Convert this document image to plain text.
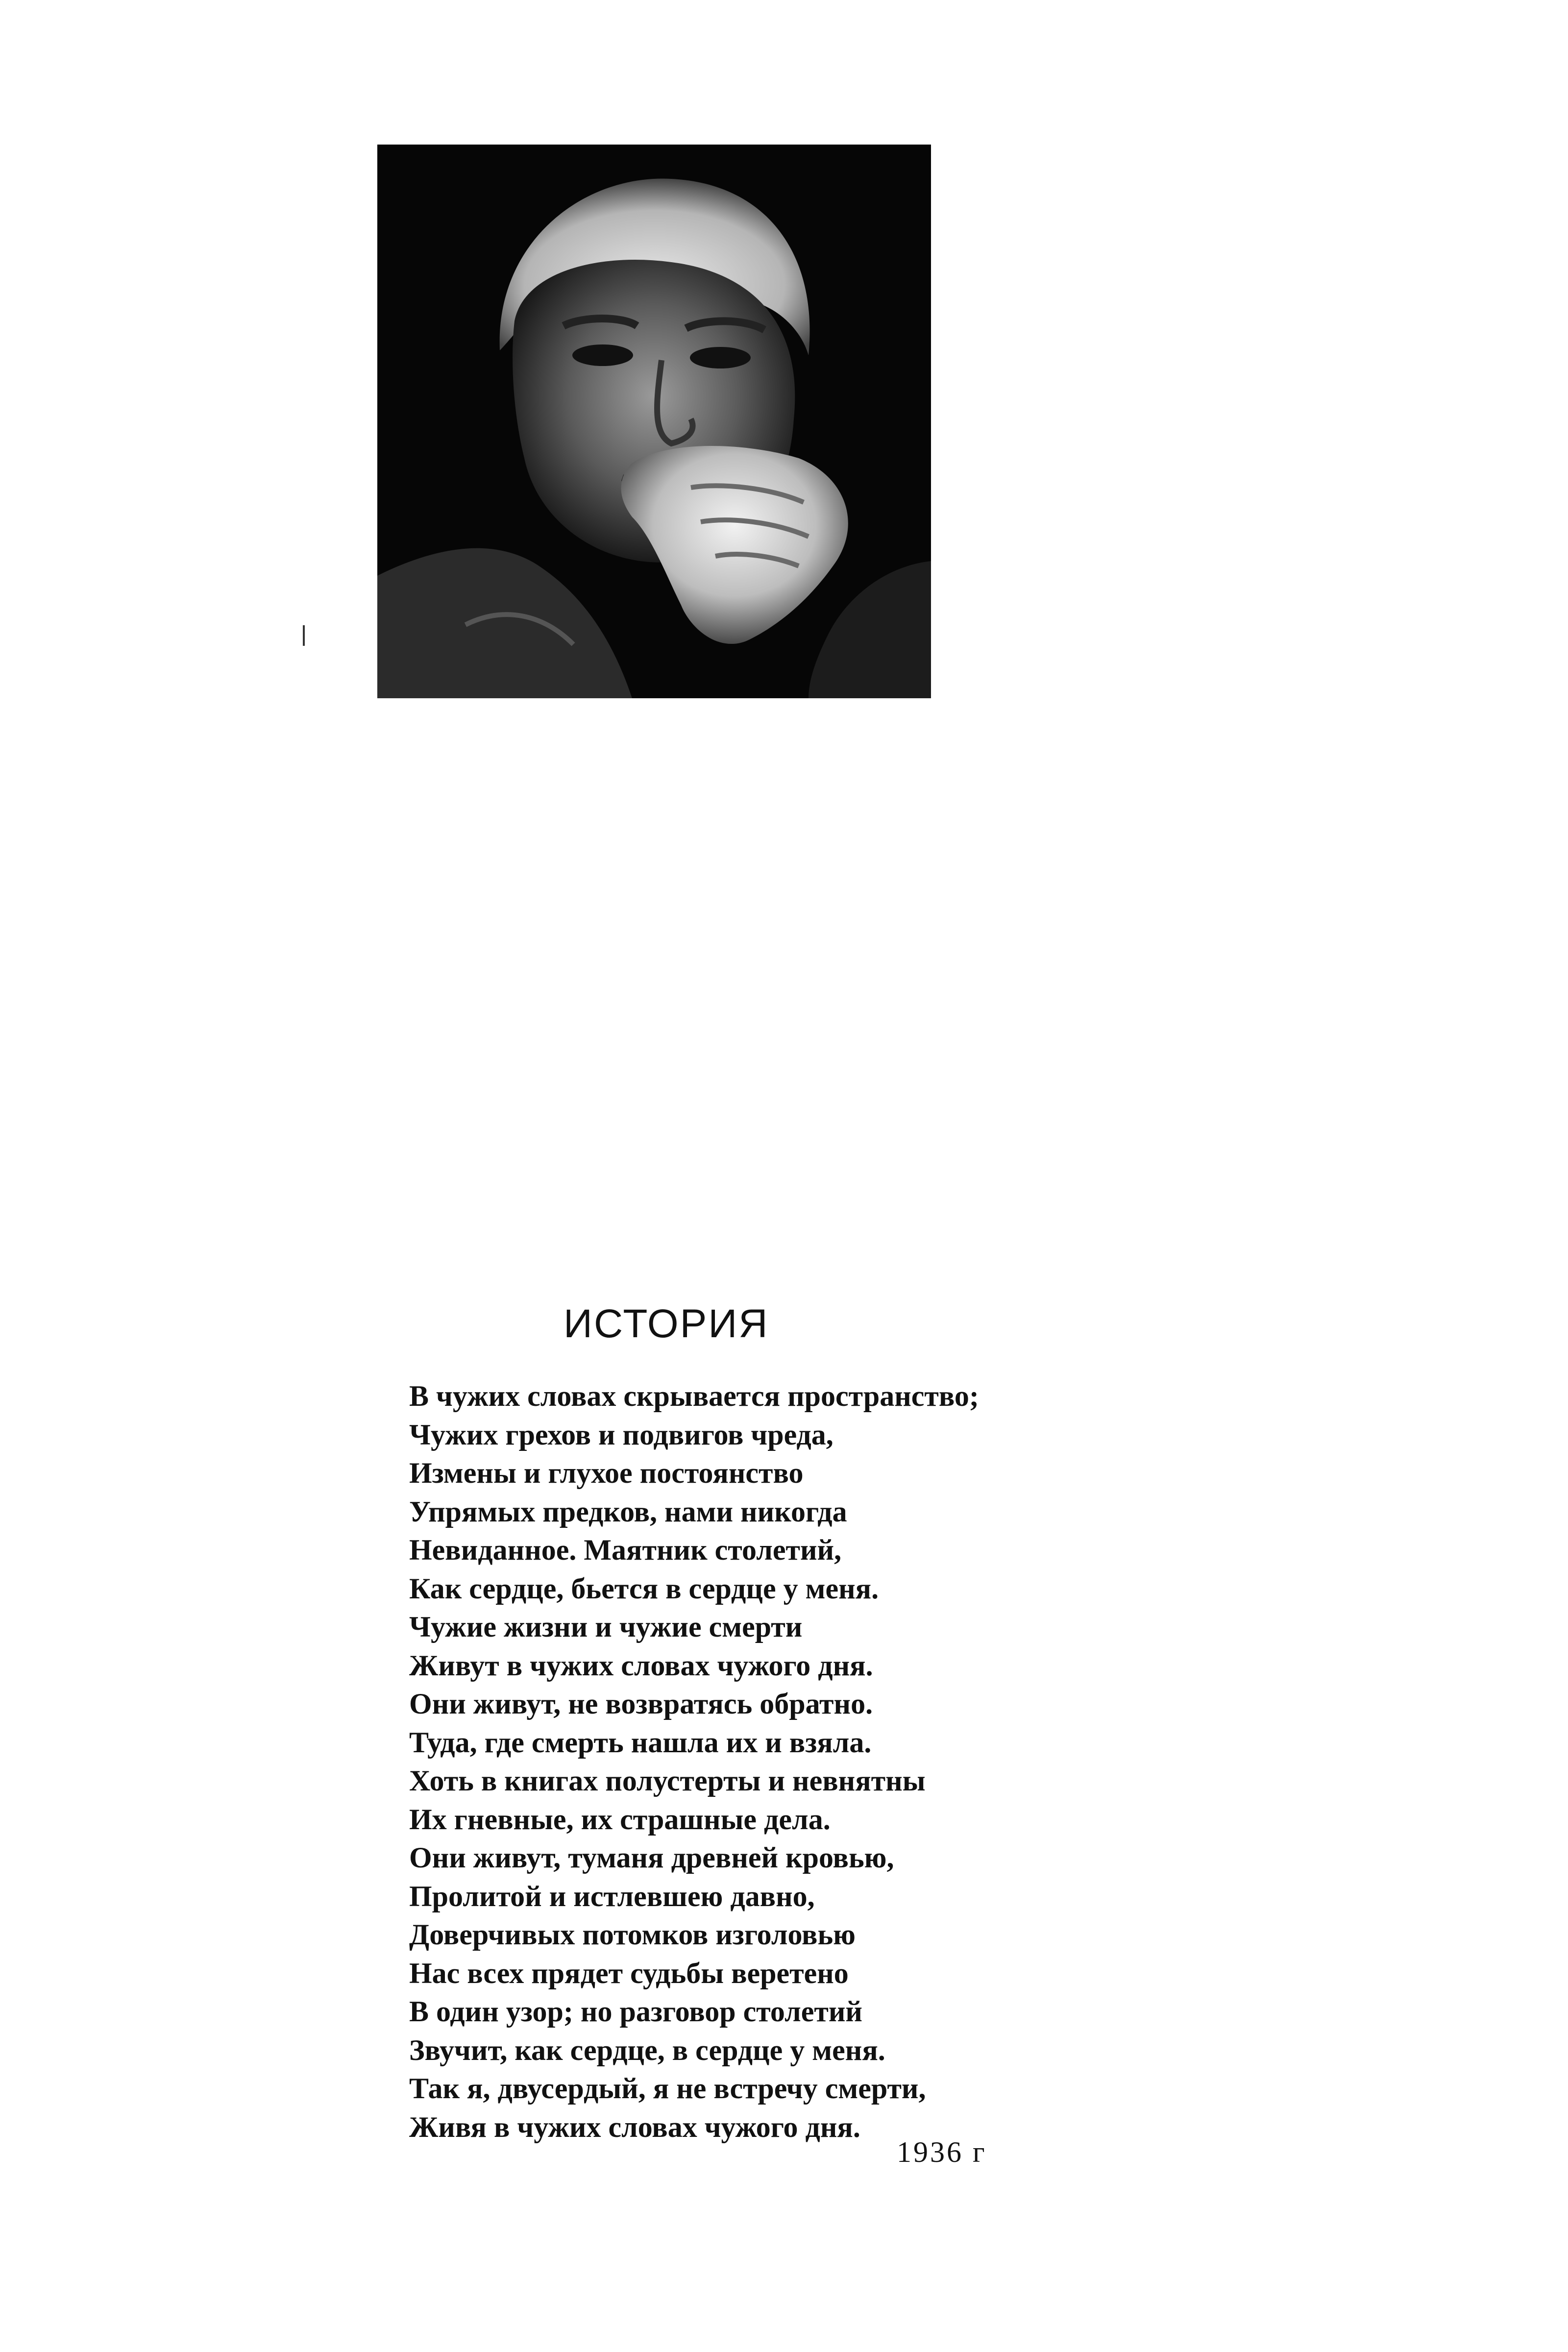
ИСТОРИЯ
В чужих словах скрывается пространство;
Чужих грехов и подвигов чреда,
Измены и глухое постоянство
Упрямых предков, нами никогда
Невиданное. Маятник столетий,
Как сердце, бьется в сердце у меня.
Чужие жизни и чужие смерти
Живут в чужих словах чужого дня.
Они живут, не возвратясь обратно.
Туда, где смерть нашла их и взяла.
Хоть в книгах полустерты и невнятны
Их гневные, их страшные дела.
Они живут, туманя древней кровью,
Пролитой и истлевшею давно,
Доверчивых потомков изголовью
Нас всех прядет судьбы веретено
В один узор; но разговор столетий
Звучит, как сердце, в сердце у меня.
Так я, двусердый, я не встречу смерти,
Живя в чужих словах чужого дня.
1936 г
